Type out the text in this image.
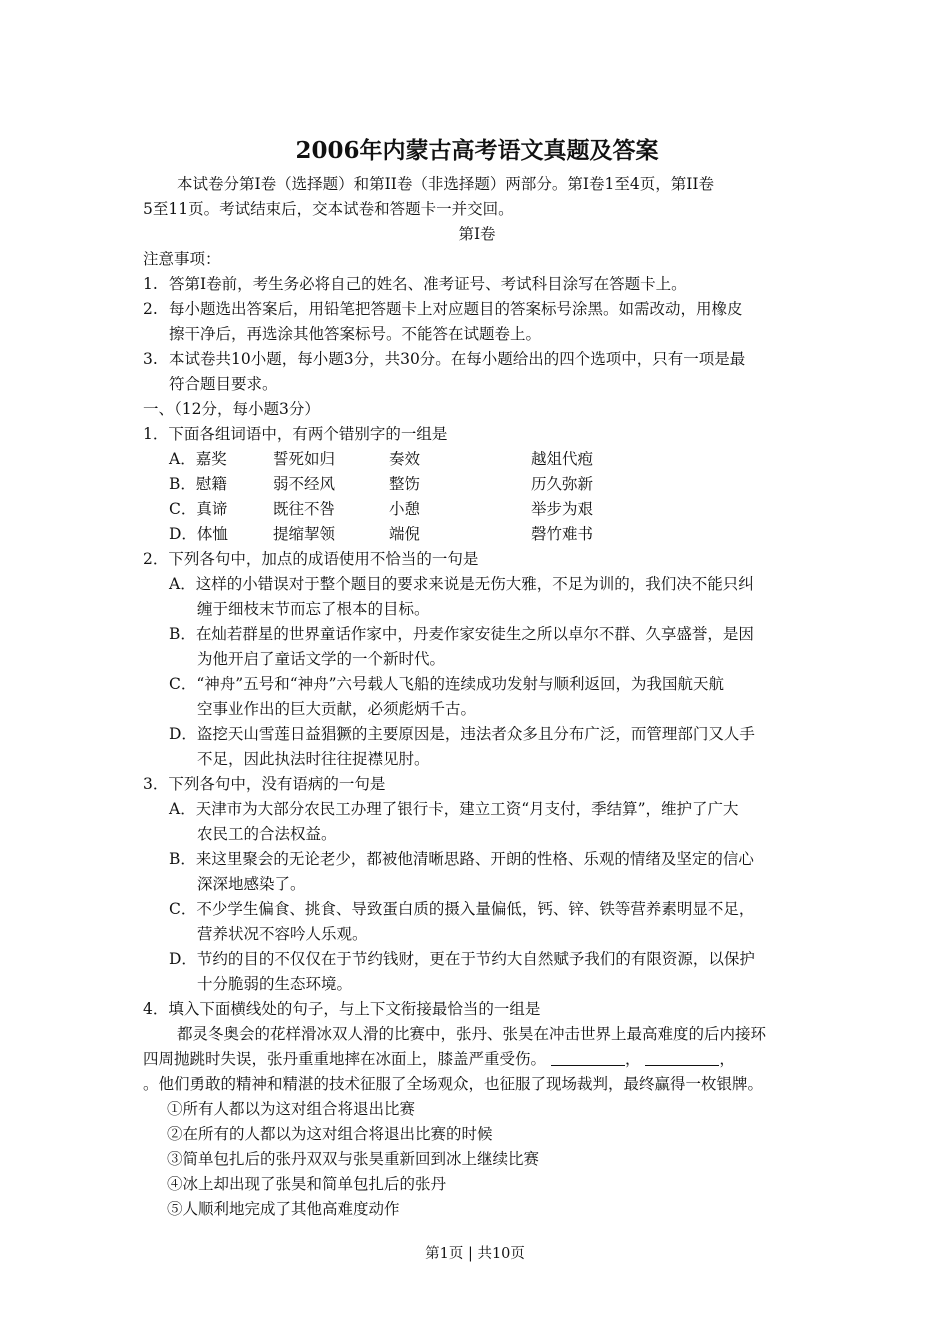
2006年内蒙古高考语文真题及答案
本试卷分第I卷（选择题）和第II卷（非选择题）两部分。第I卷1至4页，第II卷
5至11页。考试结束后，交本试卷和答题卡一并交回。
第I卷
注意事项：
1. 答第I卷前，考生务必将自己的姓名、准考证号、考试科目涂写在答题卡上。
2. 每小题选出答案后，用铅笔把答题卡上对应题目的答案标号涂黑。如需改动，用橡皮
擦干净后，再选涂其他答案标号。不能答在试题卷上。
3. 本试卷共10小题，每小题3分，共30分。在每小题给出的四个选项中，只有一项是最
符合题目要求。
一、（12分，每小题3分）
1．下面各组词语中，有两个错别字的一组是
A．嘉奖	誓死如归	奏效	越俎代疱
B．慰籍	弱不经风	整饬	历久弥新
C．真谛	既往不咎	小憩	举步为艰
D．体恤	提缩挈领	端倪	磬竹难书
2．下列各句中，加点的成语使用不恰当的一句是
A．这样的小错误对于整个题目的要求来说是无伤大雅，不足为训的，我们决不能只纠
缠于细枝末节而忘了根本的目标。
B．在灿若群星的世界童话作家中，丹麦作家安徒生之所以卓尔不群、久享盛誉，是因
为他开启了童话文学的一个新时代。
C．“神舟”五号和“神舟”六号载人飞船的连续成功发射与顺利返回，为我国航天航
空事业作出的巨大贡献，必须彪炳千古。
D．盗挖天山雪莲日益猖獗的主要原因是，违法者众多且分布广泛，而管理部门又人手
不足，因此执法时往往捉襟见肘。
3．下列各句中，没有语病的一句是
A．天津市为大部分农民工办理了银行卡，建立工资“月支付，季结算”，维护了广大
农民工的合法权益。
B．来这里聚会的无论老少，都被他清晰思路、开朗的性格、乐观的情绪及坚定的信心
深深地感染了。
C．不少学生偏食、挑食、导致蛋白质的摄入量偏低，钙、锌、铁等营养素明显不足，
营养状况不容吟人乐观。
D．节约的目的不仅仅在于节约钱财，更在于节约大自然赋予我们的有限资源，以保护
十分脆弱的生态环境。
4．填入下面横线处的句子，与上下文衔接最恰当的一组是
都灵冬奥会的花样滑冰双人滑的比赛中，张丹、张昊在冲击世界上最高难度的后内接环
四周抛跳时失误，张丹重重地摔在冰面上，膝盖严重受伤。	，	，
。他们勇敢的精神和精湛的技术征服了全场观众，也征服了现场裁判，最终赢得一枚银牌。
①所有人都以为这对组合将退出比赛
②在所有的人都以为这对组合将退出比赛的时候
③简单包扎后的张丹双双与张昊重新回到冰上继续比赛
④冰上却出现了张昊和简单包扎后的张丹
⑤人顺利地完成了其他高难度动作
第1页 | 共10页
